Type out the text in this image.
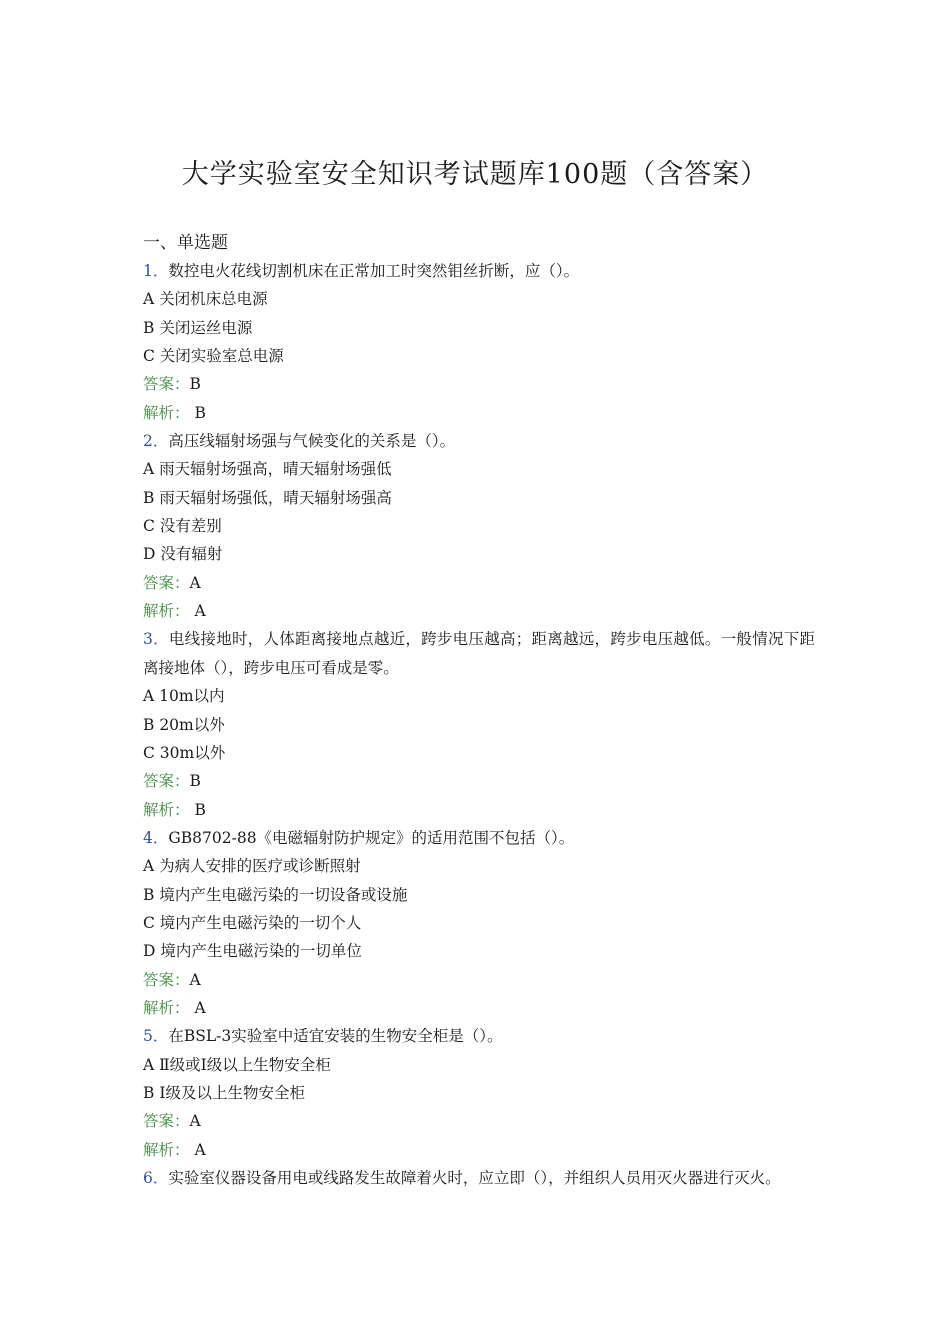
大学实验室安全知识考试题库100题（含答案）
一、单选题
1．数控电火花线切割机床在正常加工时突然钼丝折断，应（）。
A 关闭机床总电源
B 关闭运丝电源
C 关闭实验室总电源
答案：B
解析： B
2．高压线辐射场强与气候变化的关系是（）。
A 雨天辐射场强高，晴天辐射场强低
B 雨天辐射场强低，晴天辐射场强高
C 没有差别
D 没有辐射
答案：A
解析： A
3．电线接地时，人体距离接地点越近，跨步电压越高；距离越远，跨步电压越低。一般情况下距离接地体（），跨步电压可看成是零。
A 10m以内
B 20m以外
C 30m以外
答案：B
解析： B
4．GB8702-88《电磁辐射防护规定》的适用范围不包括（）。
A 为病人安排的医疗或诊断照射
B 境内产生电磁污染的一切设备或设施
C 境内产生电磁污染的一切个人
D 境内产生电磁污染的一切单位
答案：A
解析： A
5．在BSL-3实验室中适宜安装的生物安全柜是（）。
A Ⅱ级或Ⅰ级以上生物安全柜
B Ⅰ级及以上生物安全柜
答案：A
解析： A
6．实验室仪器设备用电或线路发生故障着火时，应立即（），并组织人员用灭火器进行灭火。
